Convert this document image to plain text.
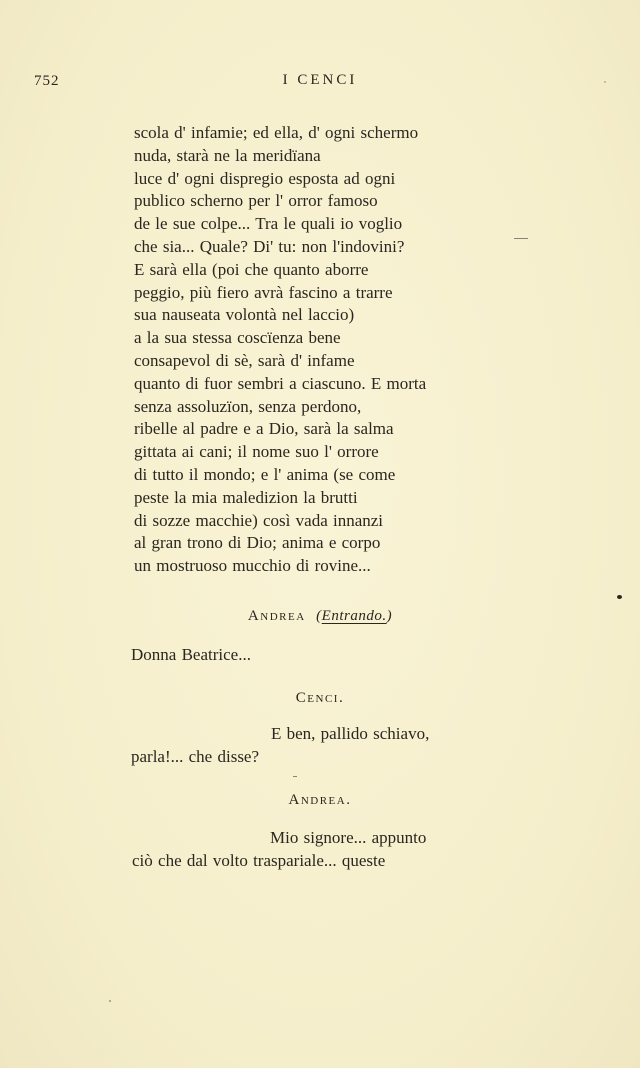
752	I CENCI
scola d' infamie; ed ella, d' ogni schermo
nuda, starà ne la meridïana
luce d' ogni dispregio esposta ad ogni
publico scherno per l' orror famoso
de le sue colpe... Tra le quali io voglio
che sia... Quale? Di' tu: non l'indovini?
E sarà ella (poi che quanto aborre
peggio, più fiero avrà fascino a trarre
sua nauseata volontà nel laccio)
a la sua stessa coscïenza bene
consapevol di sè, sarà d' infame
quanto di fuor sembri a ciascuno. E morta
senza assoluzïon, senza perdono,
ribelle al padre e a Dio, sarà la salma
gittata ai cani; il nome suo l' orrore
di tutto il mondo; e l' anima (se come
peste la mia maledizion la brutti
di sozze macchie) così vada innanzi
al gran trono di Dio; anima e corpo
un mostruoso mucchio di rovine...
Andrea (Entrando.)
Donna Beatrice...
Cenci.
E ben, pallido schiavo,
parla!... che disse?
Andrea.
Mio signore... appunto
ciò che dal volto traspariale... queste
